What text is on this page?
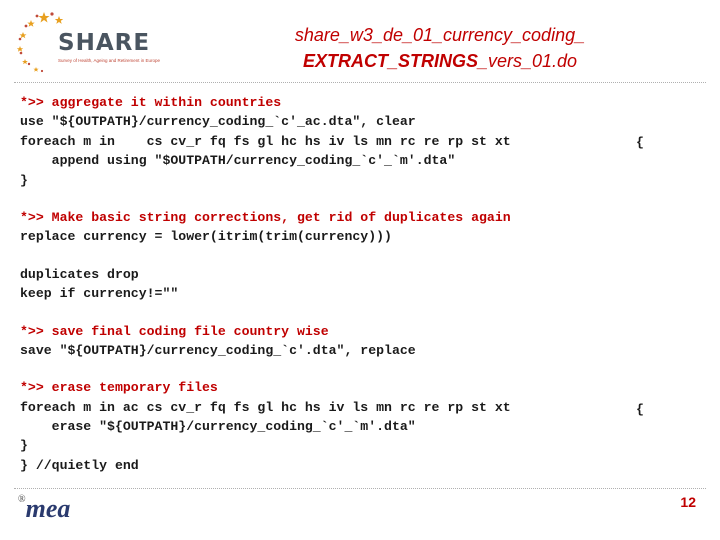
SHARE
Survey of Health, Ageing and Retirement in Europe
share_w3_de_01_currency_coding_
EXTRACT_STRINGS_vers_01.do
*>> aggregate it within countries
use "${OUTPATH}/currency_coding_`c'_ac.dta", clear
foreach m in    cs cv_r fq fs gl hc hs iv ls mn rc re rp st xt
append using "$OUTPATH/currency_coding_`c'_`m'.dta"
}
*>> Make basic string corrections, get rid of duplicates again
replace currency = lower(itrim(trim(currency)))
duplicates drop
keep if currency!=""
*>> save final coding file country wise
save "${OUTPATH}/currency_coding_`c'.dta", replace
*>> erase temporary files
foreach m in ac cs cv_r fq fs gl hc hs iv ls mn rc re rp st xt
erase "${OUTPATH}/currency_coding_`c'_`m'.dta"
}
} //quietly end
{
{
®mea	12
